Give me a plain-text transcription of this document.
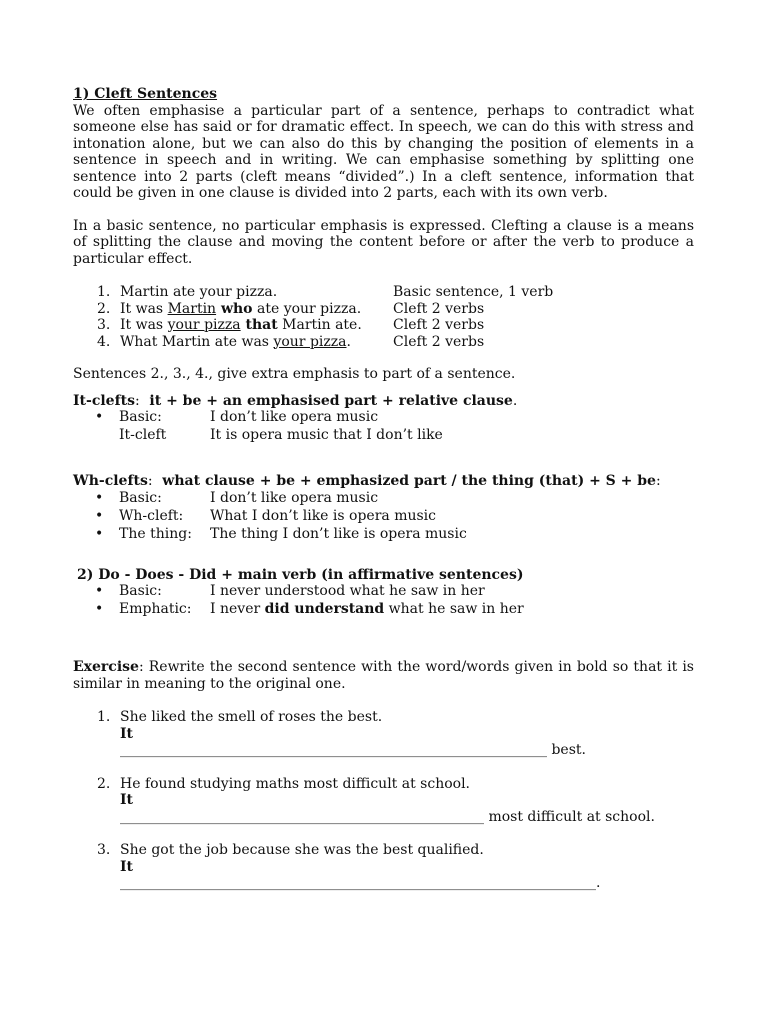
1) Cleft Sentences

We often emphasise a particular part of a sentence, perhaps to contradict what someone else has said or for dramatic effect. In speech, we can do this with stress and intonation alone, but we can also do this by changing the position of elements in a sentence in speech and in writing. We can emphasise something by splitting one sentence into 2 parts (cleft means “divided”.) In a cleft sentence, information that could be given in one clause is divided into 2 parts, each with its own verb.

In a basic sentence, no particular emphasis is expressed. Clefting a clause is a means of splitting the clause and moving the content before or after the verb to produce a particular effect.

1. Martin ate your pizza.	Basic sentence, 1 verb
2. It was Martin who ate your pizza. Cleft 2 verbs
3. It was your pizza that Martin ate. Cleft 2 verbs
4. What Martin ate was your pizza.	Cleft 2 verbs

Sentences 2., 3., 4., give extra emphasis to part of a sentence.

It-clefts:  it + be + an emphasised part + relative clause.
• Basic:	I don’t like opera music
It-cleft	It is opera music that I don’t like
Wh-clefts:  what clause + be + emphasized part / the thing (that) + S + be:
• Basic:	I don’t like opera music
• Wh-cleft: What I don’t like is opera music
• The thing: The thing I don’t like is opera music
2) Do - Does - Did + main verb (in affirmative sentences)
• Basic:	I never understood what he saw in her
• Emphatic: I never did understand what he saw in her

Exercise: Rewrite the second sentence with the word/words given in bold so that it is similar in meaning to the original one.

1. She liked the smell of roses the best.
It
_____________________________________________________________ best.
2. He found studying maths most difficult at school.
It
____________________________________________________ most difficult at school.
3. She got the job because she was the best qualified.
It
____________________________________________________________________.
